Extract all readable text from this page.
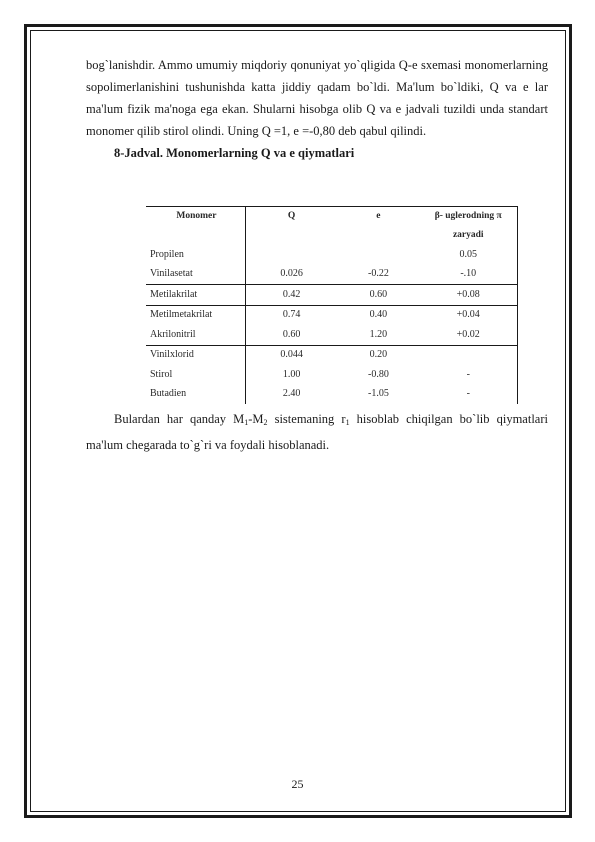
bog`lanishdir. Ammo umumiy miqdoriy qonuniyat yo`qligida Q-e sxemasi monomerlarning sopolimerlanishini tushunishda katta jiddiy qadam bo`ldi. Ma'lum bo`ldiki, Q va e lar ma'lum fizik ma'noga ega ekan. Shularni hisobga olib Q va e jadvali tuzildi unda standart monomer qilib stirol olindi. Uning Q =1, e =-0,80 deb qabul qilindi.

8-Jadval. Monomerlarning Q va e qiymatlari

Monomer	Q	e	β- uglerodning π
			zaryadi
Propilen			0.05
Vinilasetat	0.026	-0.22	-.10
Metilakrilat	0.42	0.60	+0.08
Metilmetakrilat	0.74	0.40	+0.04
Akrilonitril	0.60	1.20	+0.02
Vinilxlorid	0.044	0.20	
Stirol	1.00	-0.80	-
Butadien	2.40	-1.05	-

Bulardan har qanday $M_1-M_2$ sistemaning $r_1$ hisoblab chiqilgan bo`lib qiymatlari ma'lum chegarada to`g`ri va foydali hisoblanadi.

25
